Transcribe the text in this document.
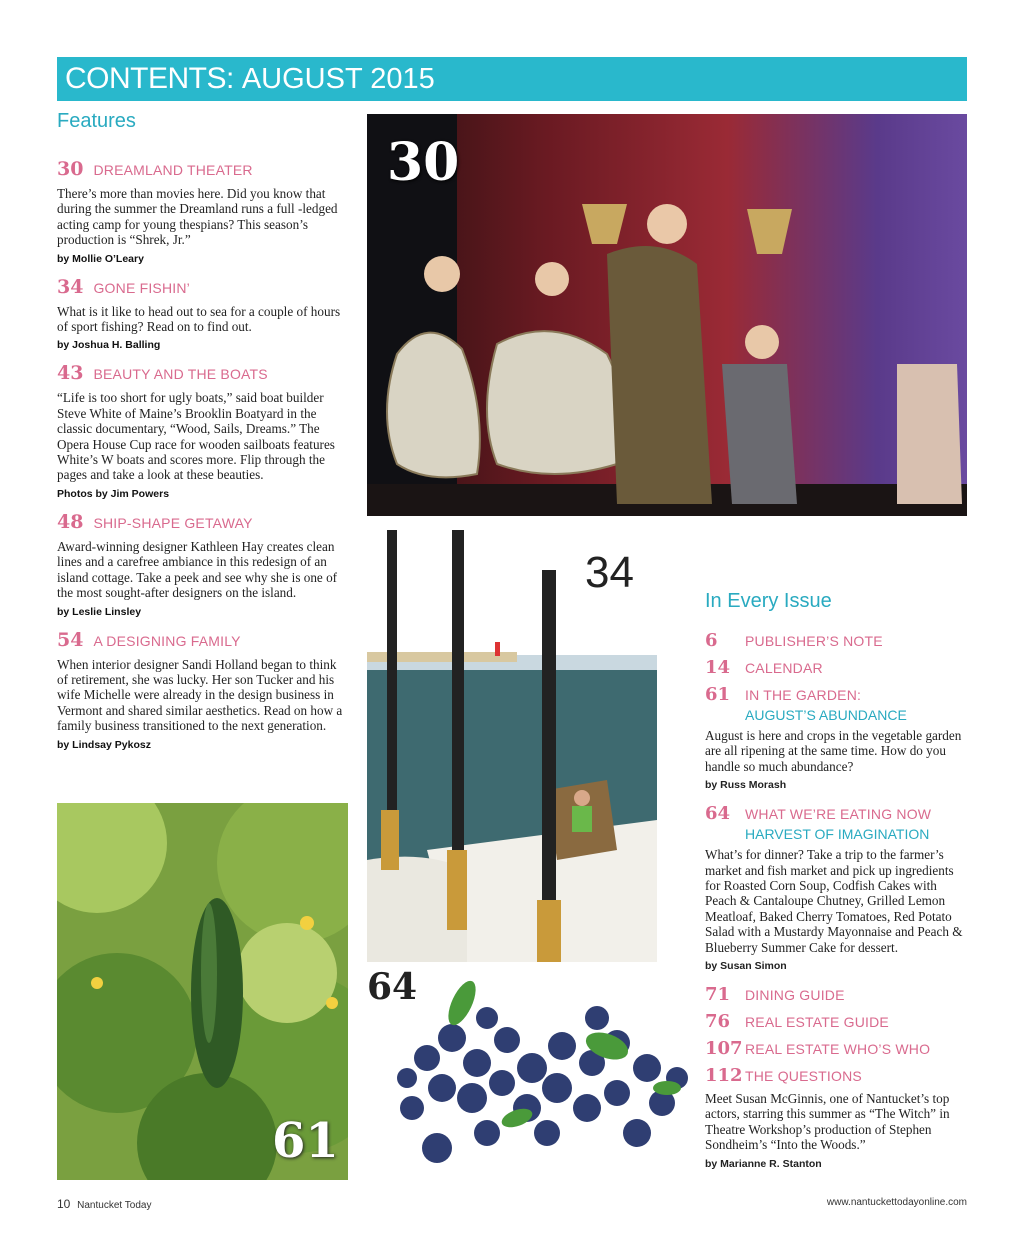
CONTENTS: AUGUST 2015
Features
30 DREAMLAND THEATER
There’s more than movies here. Did you know that during the summer the Dreamland runs a full -ledged acting camp for young thespians? This season’s production is “Shrek, Jr.”
by Mollie O’Leary
34 GONE FISHIN’
What is it like to head out to sea for a couple of hours of sport fishing? Read on to find out.
by Joshua H. Balling
43 BEAUTY AND THE BOATS
“Life is too short for ugly boats,” said boat builder Steve White of Maine’s Brooklin Boatyard in the classic documentary, “Wood, Sails, Dreams.” The Opera House Cup race for wooden sailboats features White’s W boats and scores more. Flip through the pages and take a look at these beauties.
Photos by Jim Powers
48 SHIP-SHAPE GETAWAY
Award-winning designer Kathleen Hay creates clean lines and a carefree ambiance in this redesign of an island cottage. Take a peek and see why she is one of the most sought-after designers on the island.
by Leslie Linsley
54 A DESIGNING FAMILY
When interior designer Sandi Holland began to think of retirement, she was lucky. Her son Tucker and his wife Michelle were already in the design business in Vermont and shared similar aesthetics. Read on how a family business transitioned to the next generation.
by Lindsay Pykosz
30
34
61
64
In Every Issue
6	PUBLISHER’S NOTE
14	CALENDAR
61	IN THE GARDEN:
AUGUST’S ABUNDANCE
August is here and crops in the vegetable garden are all ripening at the same time. How do you handle so much abundance?
by Russ Morash
64	WHAT WE’RE EATING NOW
HARVEST OF IMAGINATION
What’s for dinner? Take a trip to the farmer’s market and fish market and pick up ingredients for Roasted Corn Soup, Codfish Cakes with Peach & Cantaloupe Chutney, Grilled Lemon Meatloaf, Baked Cherry Tomatoes, Red Potato Salad with a Mustardy Mayonnaise and Peach & Blueberry Summer Cake for dessert.
by Susan Simon
71	DINING GUIDE
76	REAL ESTATE GUIDE
107 REAL ESTATE WHO’S WHO
112 THE QUESTIONS
Meet Susan McGinnis, one of Nantucket’s top actors, starring this summer as “The Witch” in Theatre Workshop’s production of Stephen Sondheim’s “Into the Woods.”
by Marianne R. Stanton
10 Nantucket Today	www.nantuckettodayonline.com
